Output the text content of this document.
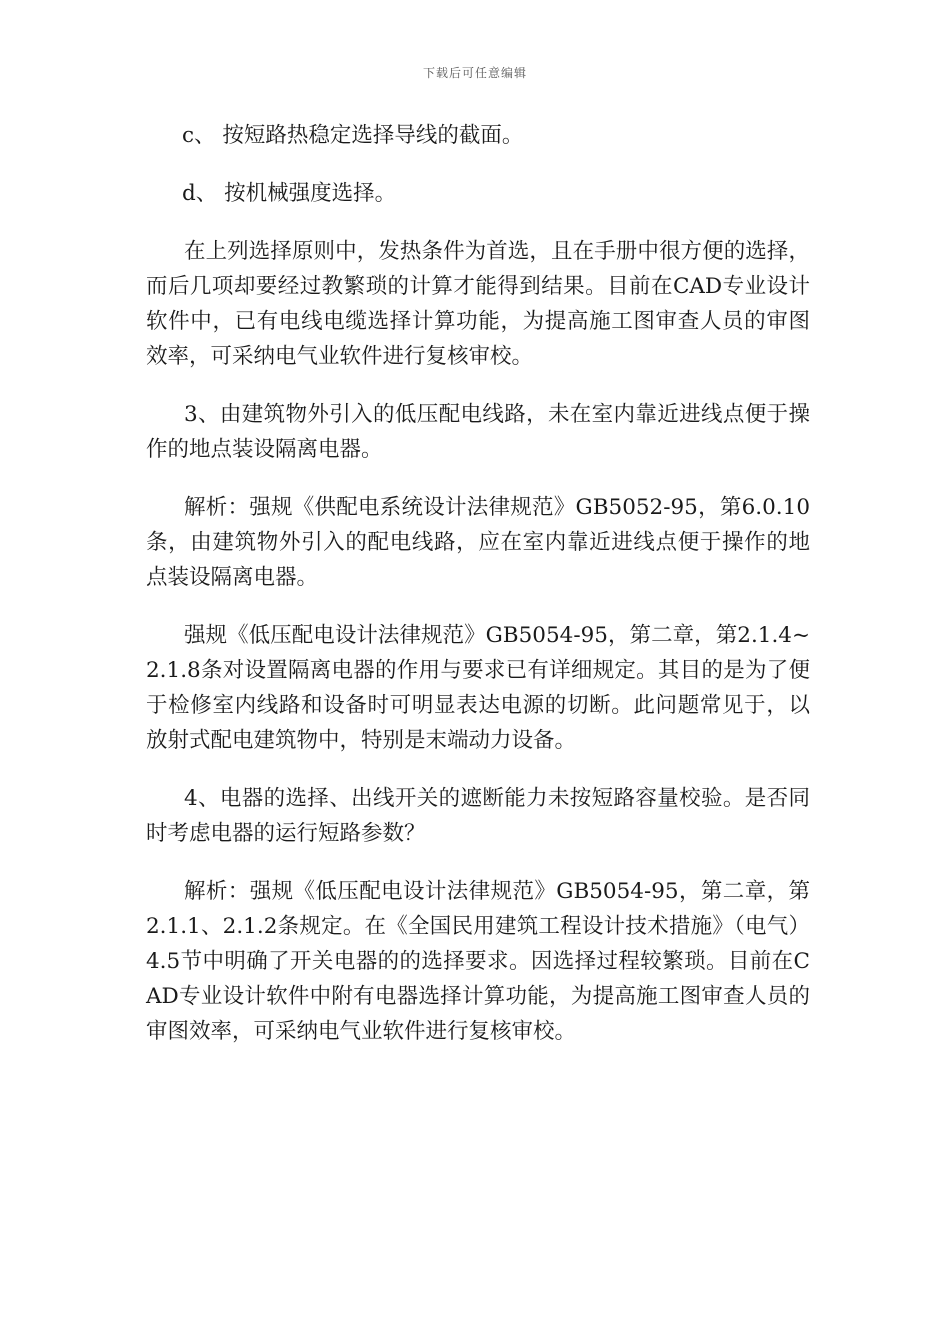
下载后可任意编辑

c、 按短路热稳定选择导线的截面。

d、 按机械强度选择。

在上列选择原则中，发热条件为首选，且在手册中很方便的选择，而后几项却要经过教繁琐的计算才能得到结果。目前在CAD专业设计软件中，已有电线电缆选择计算功能，为提高施工图审查人员的审图效率，可采纳电气业软件进行复核审校。

3、由建筑物外引入的低压配电线路，未在室内靠近进线点便于操作的地点装设隔离电器。

解析：强规《供配电系统设计法律规范》GB5052-95，第6.0.10条，由建筑物外引入的配电线路，应在室内靠近进线点便于操作的地点装设隔离电器。

强规《低压配电设计法律规范》GB5054-95，第二章，第2.1.4~2.1.8条对设置隔离电器的作用与要求已有详细规定。其目的是为了便于检修室内线路和设备时可明显表达电源的切断。此问题常见于，以放射式配电建筑物中，特别是末端动力设备。

4、电器的选择、出线开关的遮断能力未按短路容量校验。是否同时考虑电器的运行短路参数？

解析：强规《低压配电设计法律规范》GB5054-95，第二章，第2.1.1、2.1.2条规定。在《全国民用建筑工程设计技术措施》（电气）4.5节中明确了开关电器的的选择要求。因选择过程较繁琐。目前在CAD专业设计软件中附有电器选择计算功能，为提高施工图审查人员的审图效率，可采纳电气业软件进行复核审校。
